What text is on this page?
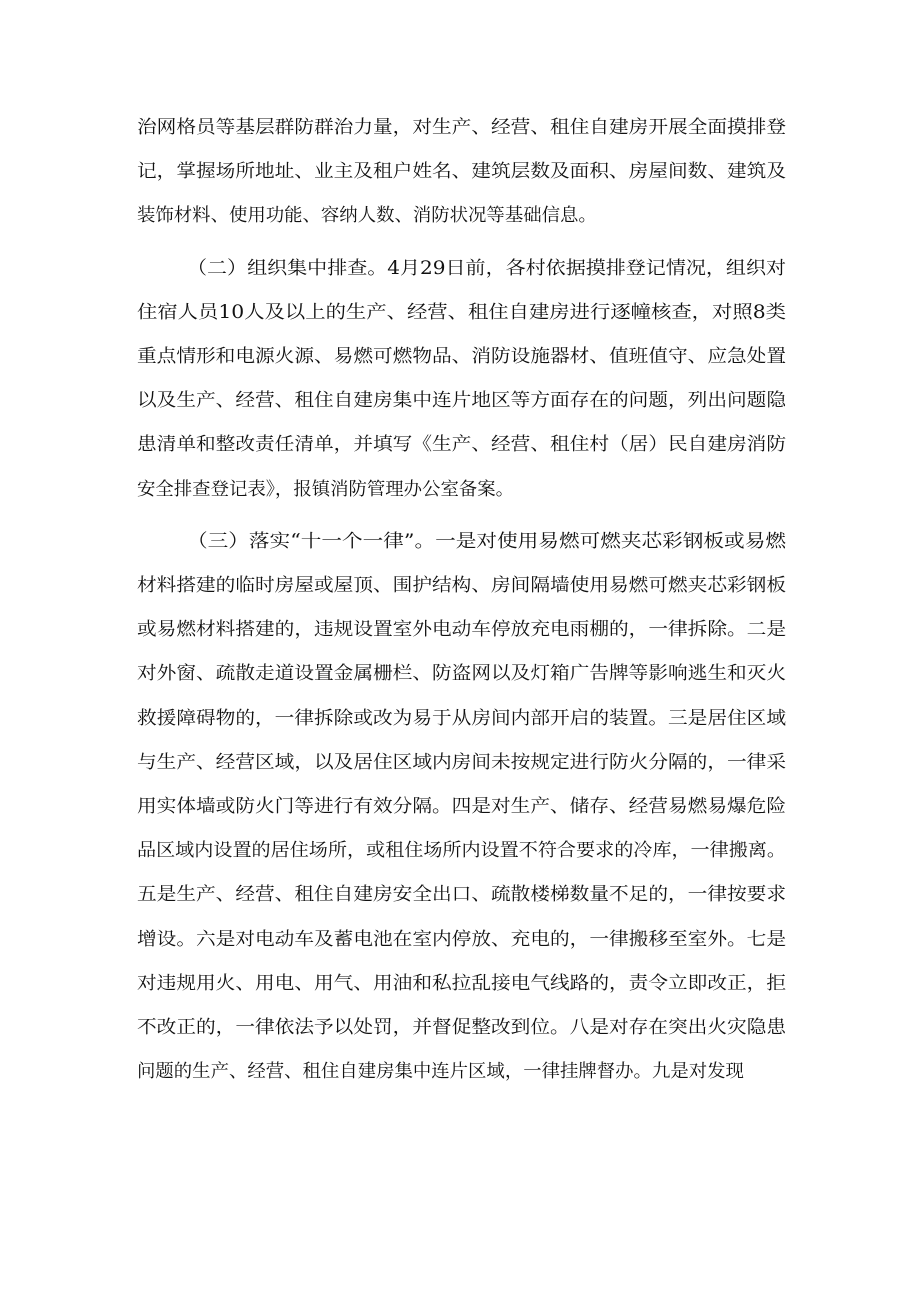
治网格员等基层群防群治力量，对生产、经营、租住自建房开展全面摸排登
记，掌握场所地址、业主及租户姓名、建筑层数及面积、房屋间数、建筑及
装饰材料、使用功能、容纳人数、消防状况等基础信息。
（二）组织集中排查。4月29日前，各村依据摸排登记情况，组织对
住宿人员10人及以上的生产、经营、租住自建房进行逐幢核查，对照8类
重点情形和电源火源、易燃可燃物品、消防设施器材、值班值守、应急处置
以及生产、经营、租住自建房集中连片地区等方面存在的问题，列出问题隐
患清单和整改责任清单，并填写《生产、经营、租住村（居）民自建房消防
安全排查登记表》，报镇消防管理办公室备案。
（三）落实“十一个一律”。一是对使用易燃可燃夹芯彩钢板或易燃
材料搭建的临时房屋或屋顶、围护结构、房间隔墙使用易燃可燃夹芯彩钢板
或易燃材料搭建的，违规设置室外电动车停放充电雨棚的，一律拆除。二是
对外窗、疏散走道设置金属栅栏、防盗网以及灯箱广告牌等影响逃生和灭火
救援障碍物的，一律拆除或改为易于从房间内部开启的装置。三是居住区域
与生产、经营区域，以及居住区域内房间未按规定进行防火分隔的，一律采
用实体墙或防火门等进行有效分隔。四是对生产、储存、经营易燃易爆危险
品区域内设置的居住场所，或租住场所内设置不符合要求的冷库，一律搬离。
五是生产、经营、租住自建房安全出口、疏散楼梯数量不足的，一律按要求
增设。六是对电动车及蓄电池在室内停放、充电的，一律搬移至室外。七是
对违规用火、用电、用气、用油和私拉乱接电气线路的，责令立即改正，拒
不改正的，一律依法予以处罚，并督促整改到位。八是对存在突出火灾隐患
问题的生产、经营、租住自建房集中连片区域，一律挂牌督办。九是对发现
